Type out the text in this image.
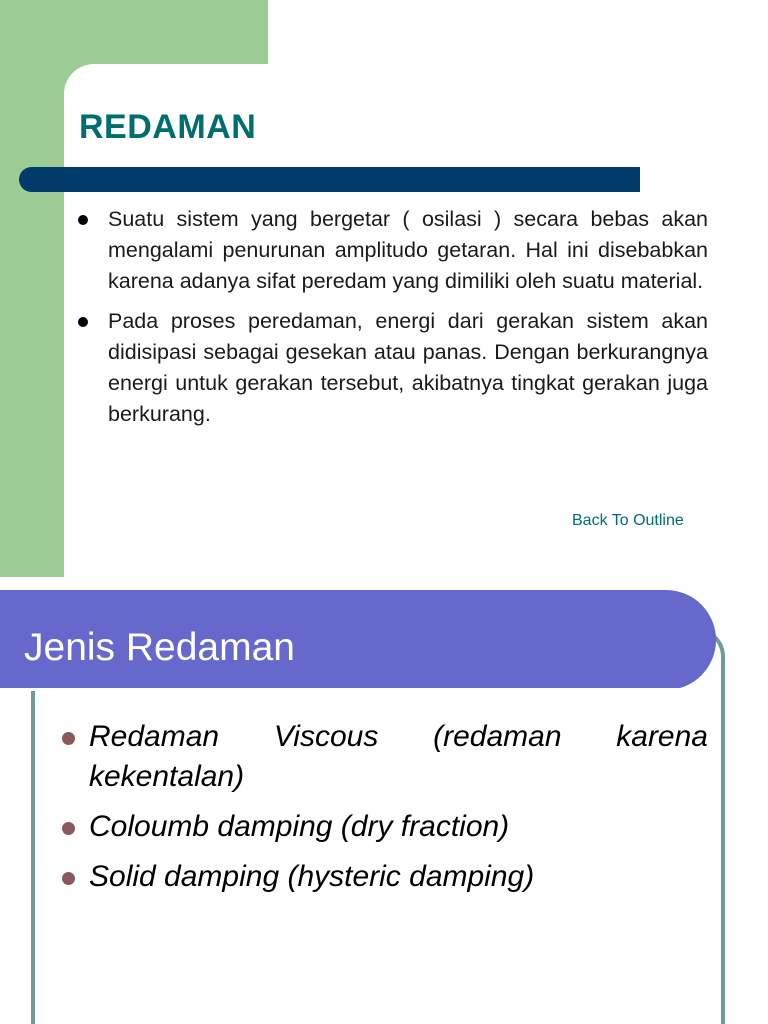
REDAMAN
Suatu sistem yang bergetar ( osilasi ) secara bebas akan mengalami penurunan amplitudo getaran. Hal ini disebabkan karena adanya sifat peredam yang dimiliki oleh suatu material.
Pada proses peredaman, energi dari gerakan sistem akan didisipasi sebagai gesekan atau panas. Dengan berkurangnya energi untuk gerakan tersebut, akibatnya tingkat gerakan juga berkurang.
Back To Outline
Jenis Redaman
Redaman Viscous (redaman karena kekentalan)
Coloumb damping (dry fraction)
Solid damping (hysteric damping)
